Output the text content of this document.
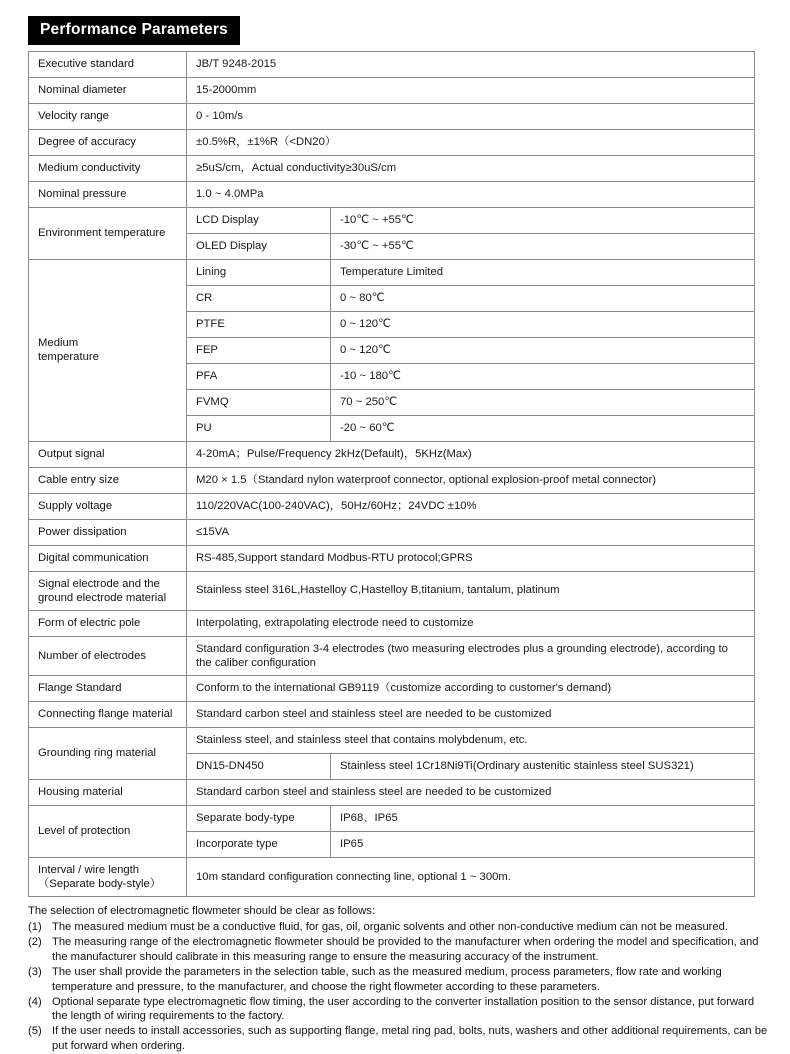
Performance Parameters
Executive standard	JB/T 9248-2015	
Nominal diameter	15-2000mm	
Velocity range	0 - 10m/s	
Degree of accuracy	±0.5%R，±1%R（<DN20）	
Medium conductivity	≥5uS/cm，Actual conductivity≥30uS/cm	
Nominal pressure	1.0 ~ 4.0MPa	
Environment temperature	LCD Display	-10℃ ~ +55℃
	OLED Display	-30℃ ~ +55℃
Medium
temperature	Lining	Temperature Limited
	CR	0 ~ 80℃
	PTFE	0 ~ 120℃
	FEP	0 ~ 120℃
	PFA	-10 ~ 180℃
	FVMQ	70 ~ 250℃
	PU	-20 ~ 60℃
Output signal	4-20mA；Pulse/Frequency 2kHz(Default)，5KHz(Max)	
Cable entry size	M20 × 1.5（Standard nylon waterproof connector, optional explosion-proof metal connector)	
Supply voltage	110/220VAC(100-240VAC)，50Hz/60Hz；24VDC ±10%	
Power dissipation	≤15VA	
Digital communication	RS-485,Support standard Modbus-RTU protocol;GPRS	
Signal electrode and the
ground electrode material	Stainless steel 316L,Hastelloy C,Hastelloy B,titanium, tantalum, platinum	
Form of electric pole	Interpolating, extrapolating electrode need to customize	
Number of electrodes	Standard configuration 3-4 electrodes (two measuring electrodes plus a grounding electrode), according to the caliber configuration	
Flange Standard	Conform to the international GB9119（customize according to customer's demand)	
Connecting flange material	Standard carbon steel and stainless steel are needed to be customized	
Grounding ring material	Stainless steel, and stainless steel that contains molybdenum, etc.	
	DN15-DN450	Stainless steel 1Cr18Ni9Ti(Ordinary austenitic stainless steel SUS321)
Housing material	Standard carbon steel and stainless steel are needed to be customized	
Level of protection	Separate body-type	IP68、IP65
	Incorporate type	IP65
Interval / wire length
（Separate body-style）	10m standard configuration connecting line, optional 1 ~ 300m.	

The selection of electromagnetic flowmeter should be clear as follows:

(1) The measured medium must be a conductive fluid, for gas, oil, organic solvents and other non-conductive medium can not be measured.
(2) The measuring range of the electromagnetic flowmeter should be provided to the manufacturer when ordering the model and specification, and the manufacturer should calibrate in this measuring range to ensure the measuring accuracy of the instrument.
(3) The user shall provide the parameters in the selection table, such as the measured medium, process parameters, flow rate and working temperature and pressure, to the manufacturer, and choose the right flowmeter according to these parameters.
(4) Optional separate type electromagnetic flow timing, the user according to the converter installation position to the sensor distance, put forward the length of wiring requirements to the factory.
(5) If the user needs to install accessories, such as supporting flange, metal ring pad, bolts, nuts, washers and other additional requirements, can be put forward when ordering.
